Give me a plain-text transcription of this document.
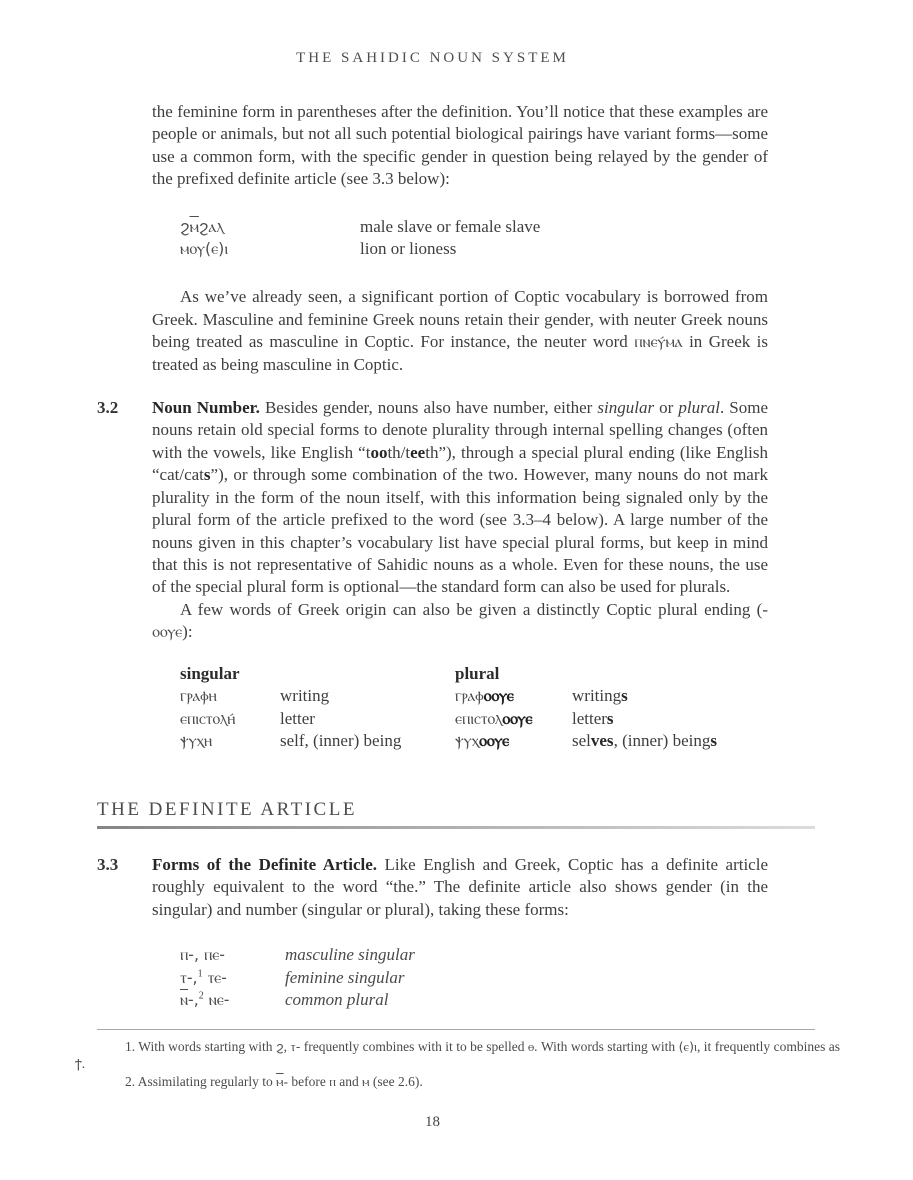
THE SAHIDIC NOUN SYSTEM
the feminine form in parentheses after the definition. You’ll notice that these examples are people or animals, but not all such potential biological pairings have variant forms—some use a common form, with the specific gender in question being relayed by the gender of the prefixed definite article (see 3.3 below):
ϩⲙϩⲁⲗ	male slave or female slave
ⲙⲟⲩ(ⲉ)ⲓ	lion or lioness
As we’ve already seen, a significant portion of Coptic vocabulary is borrowed from Greek. Masculine and feminine Greek nouns retain their gender, with neuter Greek nouns being treated as masculine in Coptic. For instance, the neuter word ⲡⲛⲉⲩ́ⲙⲁ in Greek is treated as being masculine in Coptic.
3.2	Noun Number. Besides gender, nouns also have number, either singular or plural. Some nouns retain old special forms to denote plurality through internal spelling changes (often with the vowels, like English “tooth/teeth”), through a special plural ending (like English “cat/cats”), or through some combination of the two. However, many nouns do not mark plurality in the form of the noun itself, with this information being signaled only by the plural form of the article prefixed to the word (see 3.3–4 below). A large number of the nouns given in this chapter’s vocabulary list have special plural forms, but keep in mind that this is not representative of Sahidic nouns as a whole. Even for these nouns, the use of the special plural form is optional—the standard form can also be used for plurals.
A few words of Greek origin can also be given a distinctly Coptic plural ending (-ⲟⲟⲩⲉ):
singular	plural
ⲅⲣⲁⲫⲏ	writing	ⲅⲣⲁⲫⲟⲟⲩⲉ	writings
ⲉⲡⲓⲥⲧⲟⲗⲏ́	letter	ⲉⲡⲓⲥⲧⲟⲗⲟⲟⲩⲉ	letters
ⲯⲩⲭⲏ	self, (inner) being	ⲯⲩⲭⲟⲟⲩⲉ	selves, (inner) beings
THE DEFINITE ARTICLE
3.3	Forms of the Definite Article. Like English and Greek, Coptic has a definite article roughly equivalent to the word “the.” The definite article also shows gender (in the singular) and number (singular or plural), taking these forms:
ⲡ-, ⲡⲉ-	masculine singular
ⲧ-,$^1$ ⲧⲉ-	feminine singular
ⲛ-,$^2$ ⲛⲉ-	common plural
1. With words starting with ϩ, ⲧ- frequently combines with it to be spelled ⲑ. With words starting with (ⲉ)ⲓ, it frequently combines as ϯ.
2. Assimilating regularly to ⲙ- before ⲡ and ⲙ (see 2.6).
18
